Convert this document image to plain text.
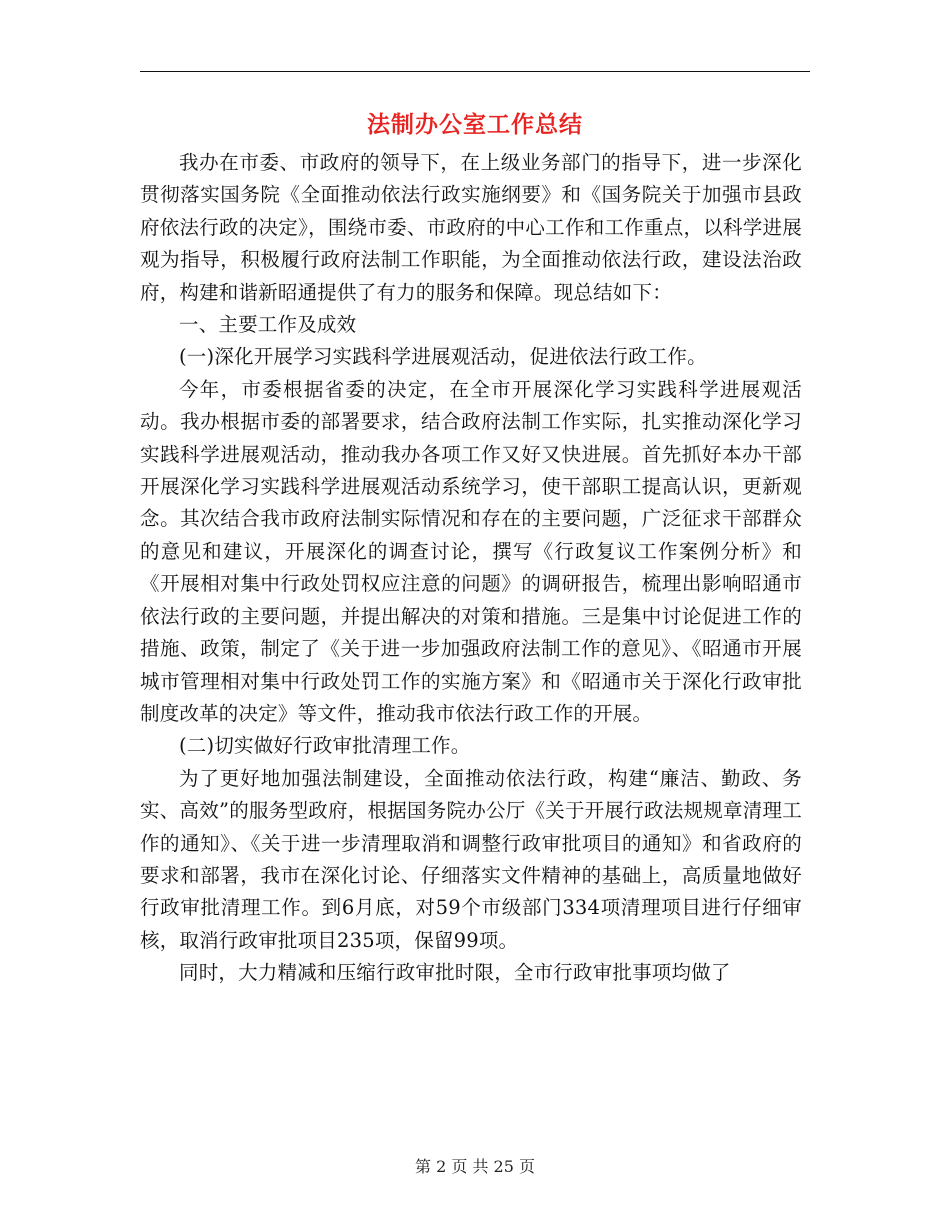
法制办公室工作总结

我办在市委、市政府的领导下，在上级业务部门的指导下，进一步深化贯彻落实国务院《全面推动依法行政实施纲要》和《国务院关于加强市县政府依法行政的决定》，围绕市委、市政府的中心工作和工作重点，以科学进展观为指导，积极履行政府法制工作职能，为全面推动依法行政，建设法治政府，构建和谐新昭通提供了有力的服务和保障。现总结如下：

一、主要工作及成效

(一)深化开展学习实践科学进展观活动，促进依法行政工作。

今年，市委根据省委的决定，在全市开展深化学习实践科学进展观活动。我办根据市委的部署要求，结合政府法制工作实际，扎实推动深化学习实践科学进展观活动，推动我办各项工作又好又快进展。首先抓好本办干部开展深化学习实践科学进展观活动系统学习，使干部职工提高认识，更新观念。其次结合我市政府法制实际情况和存在的主要问题，广泛征求干部群众的意见和建议，开展深化的调查讨论，撰写《行政复议工作案例分析》和《开展相对集中行政处罚权应注意的问题》的调研报告，梳理出影响昭通市依法行政的主要问题，并提出解决的对策和措施。三是集中讨论促进工作的措施、政策，制定了《关于进一步加强政府法制工作的意见》、《昭通市开展城市管理相对集中行政处罚工作的实施方案》和《昭通市关于深化行政审批制度改革的决定》等文件，推动我市依法行政工作的开展。

(二)切实做好行政审批清理工作。

为了更好地加强法制建设，全面推动依法行政，构建“廉洁、勤政、务实、高效”的服务型政府，根据国务院办公厅《关于开展行政法规规章清理工作的通知》、《关于进一步清理取消和调整行政审批项目的通知》和省政府的要求和部署，我市在深化讨论、仔细落实文件精神的基础上，高质量地做好行政审批清理工作。到6月底，对59个市级部门334项清理项目进行仔细审核，取消行政审批项目235项，保留99项。

同时，大力精减和压缩行政审批时限，全市行政审批事项均做了

第 2 页 共 25 页
